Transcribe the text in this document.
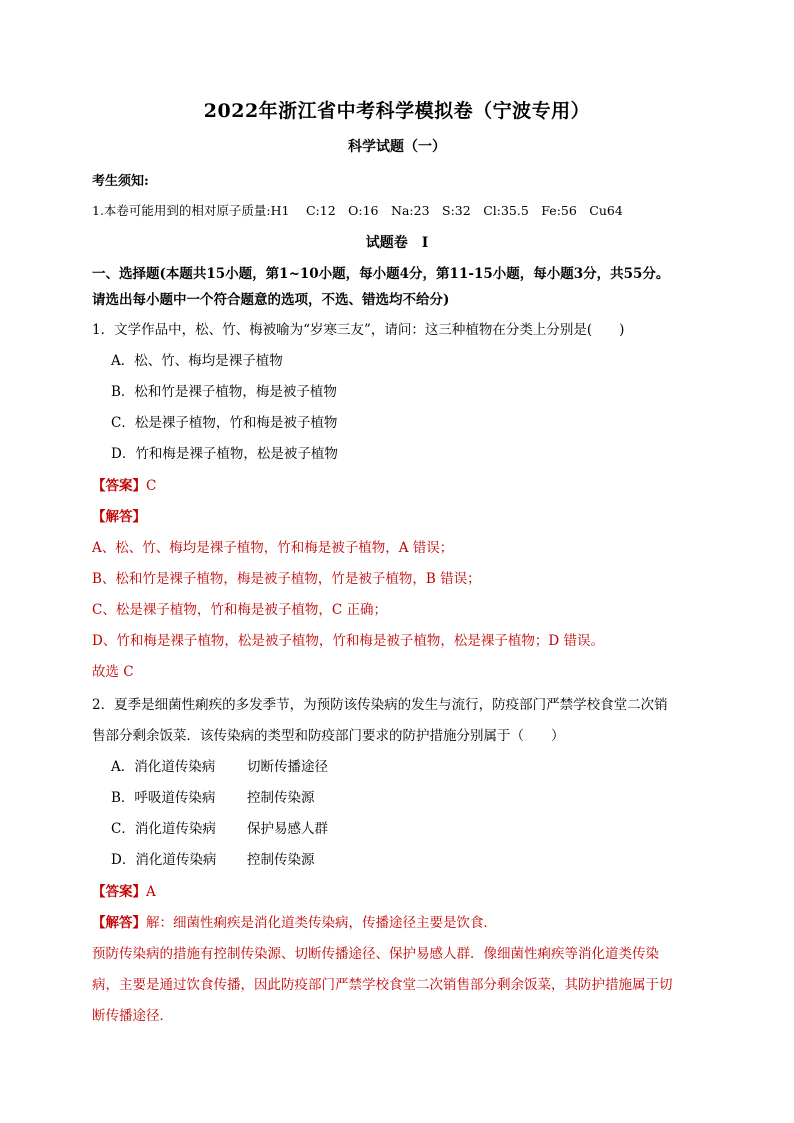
2022年浙江省中考科学模拟卷（宁波专用）
科学试题（一）
考生须知:
1.本卷可能用到的相对原子质量:H1　 C:12　O:16　Na:23　S:32　Cl:35.5　Fe:56　Cu64
试题卷　I
一、选择题(本题共15小题，第1~10小题，每小题4分，第11-15小题，每小题3分，共55分。
请选出每小题中一个符合题意的选项，不选、错选均不给分)
1．文学作品中，松、竹、梅被喻为“岁寒三友”，请问：这三种植物在分类上分别是(　　)
A．松、竹、梅均是裸子植物
B．松和竹是裸子植物，梅是被子植物
C．松是裸子植物，竹和梅是被子植物
D．竹和梅是裸子植物，松是被子植物
【答案】C
【解答】
A、松、竹、梅均是裸子植物，竹和梅是被子植物，A 错误；
B、松和竹是裸子植物，梅是被子植物，竹是被子植物，B 错误；
C、松是裸子植物，竹和梅是被子植物，C 正确；
D、竹和梅是裸子植物，松是被子植物，竹和梅是被子植物，松是裸子植物；D 错误。
故选 C
2．夏季是细菌性痢疾的多发季节，为预防该传染病的发生与流行，防疫部门严禁学校食堂二次销
售部分剩余饭菜．该传染病的类型和防疫部门要求的防护措施分别属于（　　）
A．消化道传染病 切断传播途径
B．呼吸道传染病 控制传染源
C．消化道传染病 保护易感人群
D．消化道传染病 控制传染源
【答案】A
【解答】解：细菌性痢疾是消化道类传染病，传播途径主要是饮食．
预防传染病的措施有控制传染源、切断传播途径、保护易感人群．像细菌性痢疾等消化道类传染
病，主要是通过饮食传播，因此防疫部门严禁学校食堂二次销售部分剩余饭菜，其防护措施属于切
断传播途径．
